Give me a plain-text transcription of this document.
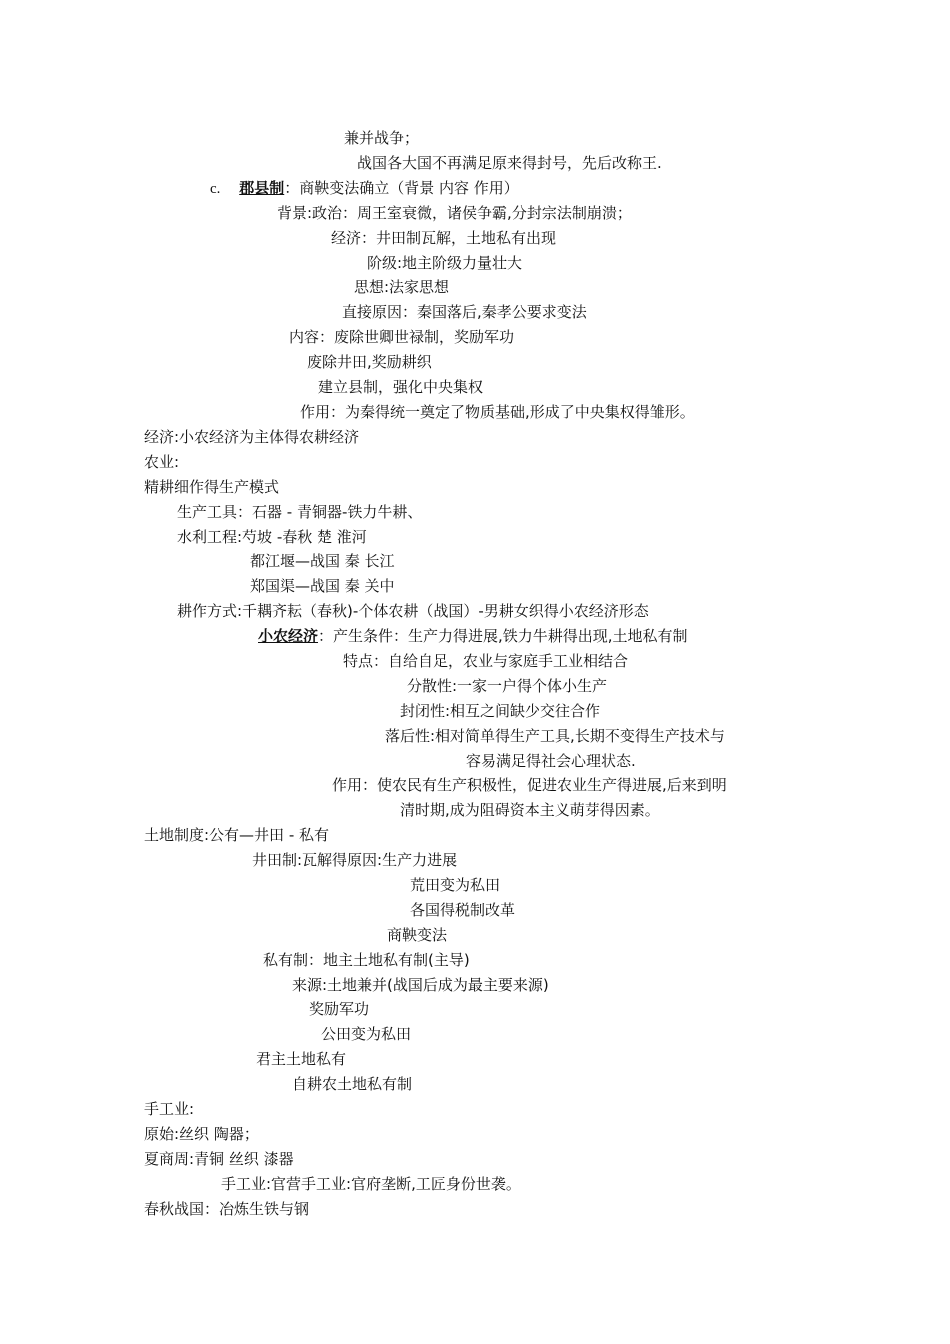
兼并战争；
战国各大国不再满足原来得封号，先后改称王.
c. 郡县制：商鞅变法确立（背景 内容 作用）
背景:政治：周王室衰微，诸侯争霸,分封宗法制崩溃；
经济：井田制瓦解，土地私有出现
阶级:地主阶级力量壮大
思想:法家思想
直接原因：秦国落后,秦孝公要求变法
内容：废除世卿世禄制，奖励军功
废除井田,奖励耕织
建立县制，强化中央集权
作用：为秦得统一奠定了物质基础,形成了中央集权得雏形。
经济:小农经济为主体得农耕经济
农业:
精耕细作得生产模式
生产工具：石器 - 青铜器-铁力牛耕、
水利工程:芍坡 -春秋 楚 淮河
都江堰—战国 秦 长江
郑国渠—战国 秦 关中
耕作方式:千耦齐耘（春秋)-个体农耕（战国）-男耕女织得小农经济形态
小农经济：产生条件：生产力得进展,铁力牛耕得出现,土地私有制
特点：自给自足，农业与家庭手工业相结合
分散性:一家一户得个体小生产
封闭性:相互之间缺少交往合作
落后性:相对简单得生产工具,长期不变得生产技术与
容易满足得社会心理状态.
作用：使农民有生产积极性，促进农业生产得进展,后来到明
清时期,成为阻碍资本主义萌芽得因素。
土地制度:公有—井田 - 私有
井田制:瓦解得原因:生产力进展
荒田变为私田
各国得税制改革
商鞅变法
私有制：地主土地私有制(主导)
来源:土地兼并(战国后成为最主要来源)
奖励军功
公田变为私田
君主土地私有
自耕农土地私有制
手工业:
原始:丝织 陶器；
夏商周:青铜 丝织 漆器
手工业:官营手工业:官府垄断,工匠身份世袭。
春秋战国：冶炼生铁与钢
